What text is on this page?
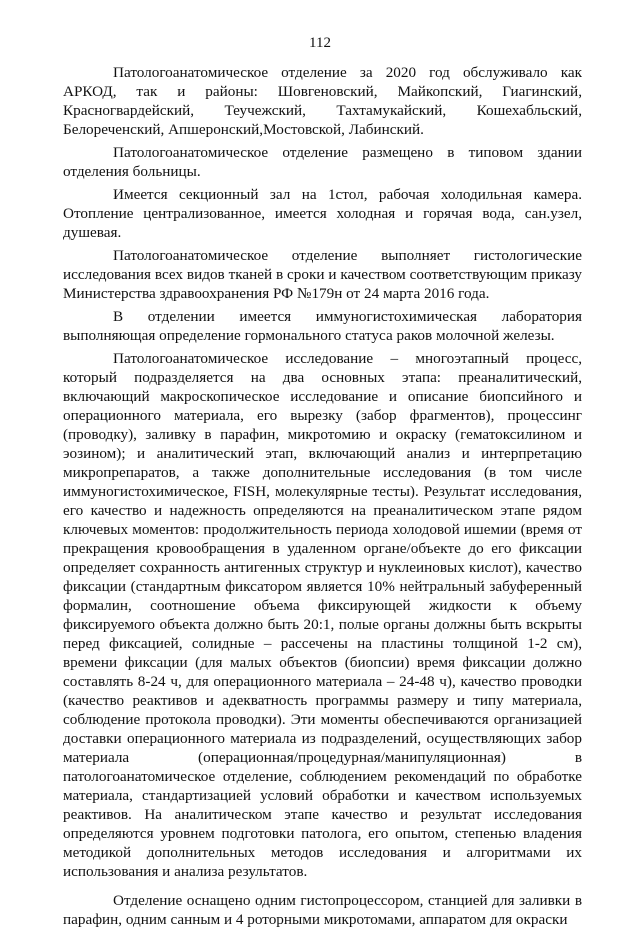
112

Патологоанатомическое отделение за 2020 год обслуживало как АРКОД, так и районы: Шовгеновский, Майкопский, Гиагинский, Красногвардейский, Теучежский, Тахтамукайский, Кошехабльский, Белореченский, Апшеронский,Мостовской, Лабинский.

Патологоанатомическое отделение размещено в типовом здании отделения больницы.

Имеется секционный зал на 1стол, рабочая холодильная камера. Отопление централизованное, имеется холодная и горячая вода, сан.узел, душевая.

Патологоанатомическое отделение выполняет гистологические исследования всех видов тканей в сроки и качеством соответствующим приказу Министерства здравоохранения РФ №179н от 24 марта 2016 года.

В отделении имеется иммуногистохимическая лаборатория выполняющая определение гормонального статуса раков молочной железы.

Патологоанатомическое исследование – многоэтапный процесс, который подразделяется на два основных этапа: преаналитический, включающий макроскопическое исследование и описание биопсийного и операционного материала, его вырезку (забор фрагментов), процессинг (проводку), заливку в парафин, микротомию и окраску (гематоксилином и эозином); и аналитический этап, включающий анализ и интерпретацию микропрепаратов, а также дополнительные исследования (в том числе иммуногистохимическое, FISH, молекулярные тесты). Результат исследования, его качество и надежность определяются на преаналитическом этапе рядом ключевых моментов: продолжительность периода холодовой ишемии (время от прекращения кровообращения в удаленном органе/объекте до его фиксации определяет сохранность антигенных структур и нуклеиновых кислот), качество фиксации (стандартным фиксатором является 10% нейтральный забуференный формалин, соотношение объема фиксирующей жидкости к объему фиксируемого объекта должно быть 20:1, полые органы должны быть вскрыты перед фиксацией, солидные – рассечены на пластины толщиной 1-2 см), времени фиксации (для малых объектов (биопсии) время фиксации должно составлять 8-24 ч, для операционного материала – 24-48 ч), качество проводки (качество реактивов и адекватность программы размеру и типу материала, соблюдение протокола проводки). Эти моменты обеспечиваются организацией доставки операционного материала из подразделений, осуществляющих забор материала (операционная/процедурная/манипуляционная) в патологоанатомическое отделение, соблюдением рекомендаций по обработке материала, стандартизацией условий обработки и качеством используемых реактивов. На аналитическом этапе качество и результат исследования определяются уровнем подготовки патолога, его опытом, степенью владения методикой дополнительных методов исследования и алгоритмами их использования и анализа результатов.

Отделение оснащено одним гистопроцессором, станцией для заливки в парафин, одним санным и 4 роторными микротомами, аппаратом для окраски
